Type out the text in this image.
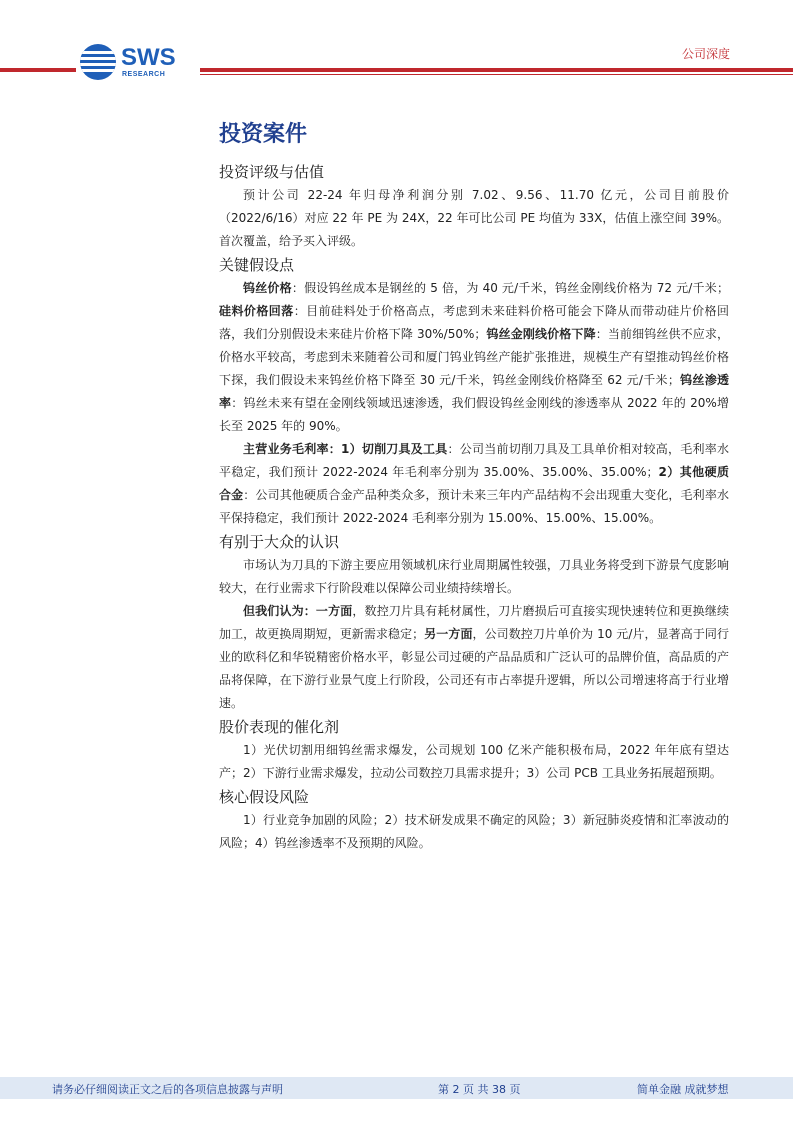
SWS
RESEARCH
公司深度
投资案件
投资评级与估值

预计公司 22-24 年归母净利润分别 7.02、9.56、11.70 亿元，公司目前股价（2022/6/16）对应 22 年 PE 为 24X，22 年可比公司 PE 均值为 33X，估值上涨空间 39%。首次覆盖，给予买入评级。

关键假设点

钨丝价格：假设钨丝成本是钢丝的 5 倍，为 40 元/千米，钨丝金刚线价格为 72 元/千米；硅料价格回落：目前硅料处于价格高点，考虑到未来硅料价格可能会下降从而带动硅片价格回落，我们分别假设未来硅片价格下降 30%/50%；钨丝金刚线价格下降：当前细钨丝供不应求，价格水平较高，考虑到未来随着公司和厦门钨业钨丝产能扩张推进，规模生产有望推动钨丝价格下探，我们假设未来钨丝价格下降至 30 元/千米，钨丝金刚线价格降至 62 元/千米；钨丝渗透率：钨丝未来有望在金刚线领域迅速渗透，我们假设钨丝金刚线的渗透率从 2022 年的 20%增长至 2025 年的 90%。

主营业务毛利率：1）切削刀具及工具：公司当前切削刀具及工具单价相对较高，毛利率水平稳定，我们预计 2022-2024 年毛利率分别为 35.00%、35.00%、35.00%；2）其他硬质合金：公司其他硬质合金产品种类众多，预计未来三年内产品结构不会出现重大变化，毛利率水平保持稳定，我们预计 2022-2024 毛利率分别为 15.00%、15.00%、15.00%。

有别于大众的认识

市场认为刀具的下游主要应用领域机床行业周期属性较强，刀具业务将受到下游景气度影响较大，在行业需求下行阶段难以保障公司业绩持续增长。

但我们认为：一方面，数控刀片具有耗材属性，刀片磨损后可直接实现快速转位和更换继续加工，故更换周期短，更新需求稳定；另一方面，公司数控刀片单价为 10 元/片，显著高于同行业的欧科亿和华锐精密价格水平，彰显公司过硬的产品品质和广泛认可的品牌价值，高品质的产品将保障，在下游行业景气度上行阶段，公司还有市占率提升逻辑，所以公司增速将高于行业增速。

股价表现的催化剂

1）光伏切割用细钨丝需求爆发，公司规划 100 亿米产能积极布局，2022 年年底有望达产；2）下游行业需求爆发，拉动公司数控刀具需求提升；3）公司 PCB 工具业务拓展超预期。

核心假设风险

1）行业竞争加剧的风险；2）技术研发成果不确定的风险；3）新冠肺炎疫情和汇率波动的风险；4）钨丝渗透率不及预期的风险。

请务必仔细阅读正文之后的各项信息披露与声明	第 2 页 共 38 页	简单金融 成就梦想
